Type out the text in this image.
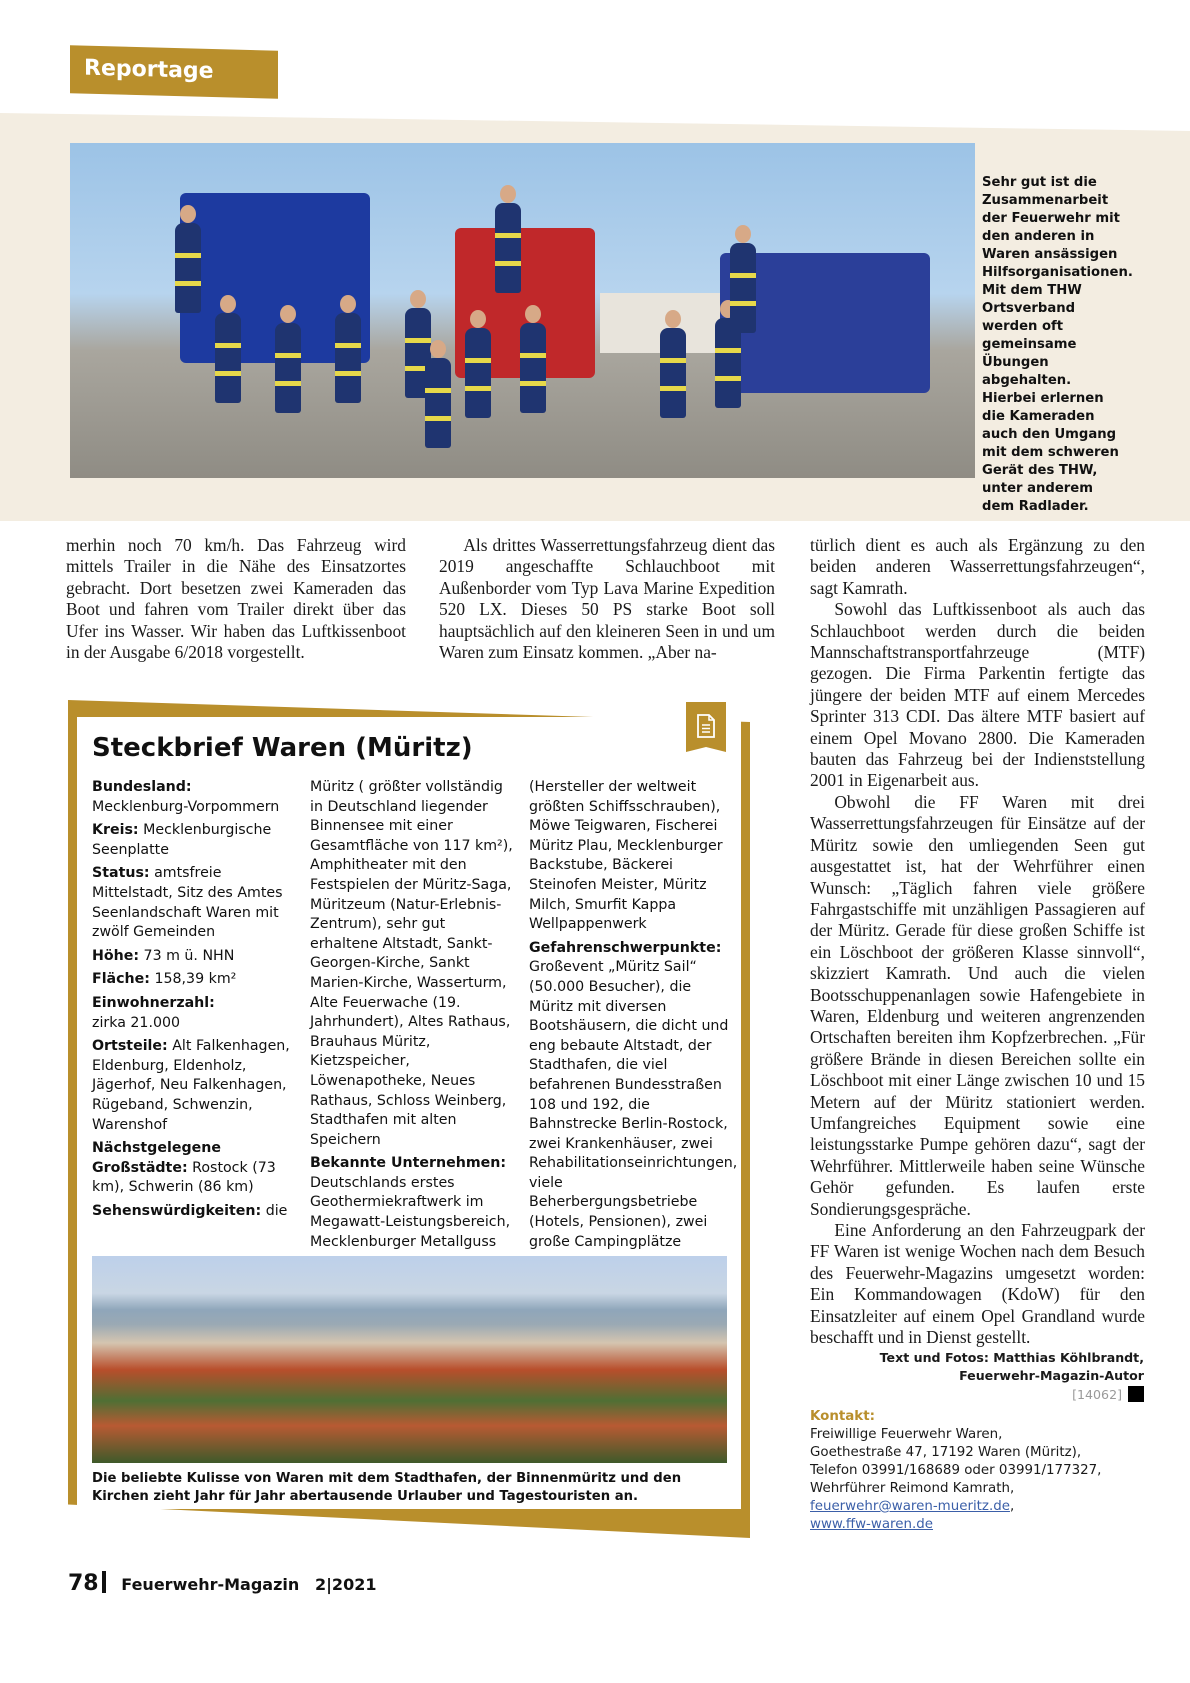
Reportage
Sehr gut ist die Zusammenarbeit der Feuerwehr mit den anderen in Waren ansässigen Hilfsorganisationen. Mit dem THW Ortsverband werden oft gemeinsame Übungen abgehalten. Hierbei erlernen die Kameraden auch den Umgang mit dem schweren Gerät des THW, unter anderem dem Radlader.

merhin noch 70 km/h. Das Fahrzeug wird mittels Trailer in die Nähe des Einsatzortes gebracht. Dort besetzen zwei Kameraden das Boot und fahren vom Trailer direkt über das Ufer ins Wasser. Wir haben das Luftkissenboot in der Ausgabe 6/2018 vorgestellt.

Als drittes Wasserrettungsfahrzeug dient das 2019 angeschaffte Schlauchboot mit Außenborder vom Typ Lava Marine Expedition 520 LX. Dieses 50 PS starke Boot soll hauptsächlich auf den kleineren Seen in und um Waren zum Einsatz kommen. „Aber na-

türlich dient es auch als Ergänzung zu den beiden anderen Wasserrettungsfahrzeugen“, sagt Kamrath.

Sowohl das Luftkissenboot als auch das Schlauchboot werden durch die beiden Mannschaftstransportfahrzeuge (MTF) gezogen. Die Firma Parkentin fertigte das jüngere der beiden MTF auf einem Mercedes Sprinter 313 CDI. Das ältere MTF basiert auf einem Opel Movano 2800. Die Kameraden bauten das Fahrzeug bei der Indienststellung 2001 in Eigenarbeit aus.

Obwohl die FF Waren mit drei Wasserrettungsfahrzeugen für Einsätze auf der Müritz sowie den umliegenden Seen gut ausgestattet ist, hat der Wehrführer einen Wunsch: „Täglich fahren viele größere Fahrgastschiffe mit unzähligen Passagieren auf der Müritz. Gerade für diese großen Schiffe ist ein Löschboot der größeren Klasse sinnvoll“, skizziert Kamrath. Und auch die vielen Bootsschuppenanlagen sowie Hafengebiete in Waren, Eldenburg und weiteren angrenzenden Ortschaften bereiten ihm Kopfzerbrechen. „Für größere Brände in diesen Bereichen sollte ein Löschboot mit einer Länge zwischen 10 und 15 Metern auf der Müritz stationiert werden. Umfangreiches Equipment sowie eine leistungsstarke Pumpe gehören dazu“, sagt der Wehrführer. Mittlerweile haben seine Wünsche Gehör gefunden. Es laufen erste Sondierungsgespräche.

Eine Anforderung an den Fahrzeugpark der FF Waren ist wenige Wochen nach dem Besuch des Feuerwehr-Magazins umgesetzt worden: Ein Kommandowagen (KdoW) für den Einsatzleiter auf einem Opel Grandland wurde beschafft und in Dienst gestellt.

Text und Fotos: Matthias Köhlbrandt,
Feuerwehr-Magazin-Autor
[14062]
Kontakt:
Freiwillige Feuerwehr Waren,
Goethestraße 47, 17192 Waren (Müritz),
Telefon 03991/168689 oder 03991/177327,
Wehrführer Reimond Kamrath,
feuerwehr@waren-mueritz.de,
www.ffw-waren.de
Steckbrief Waren (Müritz)

Bundesland:
Mecklenburg-Vorpommern

Kreis: Mecklenburgische Seenplatte

Status: amtsfreie Mittelstadt, Sitz des Amtes Seenlandschaft Waren mit zwölf Gemeinden

Höhe: 73 m ü. NHN

Fläche: 158,39 km²

Einwohnerzahl:
zirka 21.000

Ortsteile: Alt Falkenhagen, Eldenburg, Eldenholz, Jägerhof, Neu Falkenhagen, Rügeband, Schwenzin, Warenshof

Nächstgelegene Großstädte: Rostock (73 km), Schwerin (86 km)

Sehenswürdigkeiten: die

Müritz ( größter vollständig in Deutschland liegender Binnensee mit einer Gesamtfläche von 117 km²), Amphitheater mit den Festspielen der Müritz-Saga, Müritzeum (Natur-Erlebnis-Zentrum), sehr gut erhaltene Altstadt, Sankt-Georgen-Kirche, Sankt Marien-Kirche, Wasserturm, Alte Feuerwache (19. Jahrhundert), Altes Rathaus, Brauhaus Müritz, Kietzspeicher, Löwenapotheke, Neues Rathaus, Schloss Weinberg, Stadthafen mit alten Speichern

Bekannte Unternehmen:
Deutschlands erstes Geothermiekraftwerk im Megawatt-Leistungsbereich, Mecklenburger Metallguss

(Hersteller der weltweit größten Schiffsschrauben), Möwe Teigwaren, Fischerei Müritz Plau, Mecklenburger Backstube, Bäckerei Steinofen Meister, Müritz Milch, Smurfit Kappa Wellpappenwerk

Gefahrenschwerpunkte:
Großevent „Müritz Sail“ (50.000 Besucher), die Müritz mit diversen Bootshäusern, die dicht und eng bebaute Altstadt, der Stadthafen, die viel befahrenen Bundesstraßen 108 und 192, die Bahnstrecke Berlin-Rostock, zwei Krankenhäuser, zwei Rehabilitationseinrichtungen, viele Beherbergungsbetriebe (Hotels, Pensionen), zwei große Campingplätze

Die beliebte Kulisse von Waren mit dem Stadthafen, der Binnenmüritz und den Kirchen zieht Jahr für Jahr abertausende Urlauber und Tagestouristen an.
78 Feuerwehr-Magazin 2|2021
